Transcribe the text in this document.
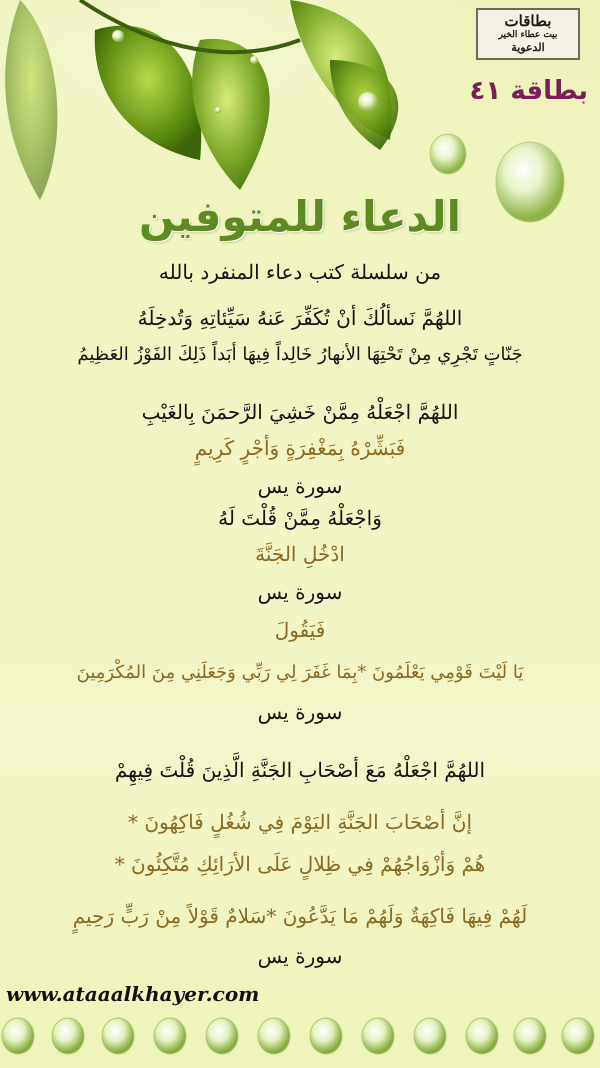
بطاقات
بيت عطاء الخير
الدعوية
بطاقة ٤١
الدعاء للمتوفين
من سلسلة كتب دعاء المنفرد بالله
اللهُمَّ نَسألُكَ أنْ تُكَفِّرَ عَنهُ سَيِّئاتِهِ وَتُدخِلَهُ
جَنّاتٍ تَجْرِي مِنْ تَحْتِهَا الأنهارُ خَالِداً فِيهَا أبَداً ذَلِكَ الفَوْزُ العَظِيمُ
اللهُمَّ اجْعَلْهُ مِمَّنْ خَشِيَ الرَّحمَنَ بِالغَيْبِ
فَبَشِّرْهُ بِمَغْفِرَةٍ وَأجْرٍ كَرِيمٍ
سورة يس
وَاجْعَلْهُ مِمَّنْ قُلْتَ لَهُ
ادْخُلِ الجَنَّةَ
سورة يس
فَيَقُولَ
يَا لَيْتَ قَوْمِي يَعْلَمُونَ *بِمَا غَفَرَ لِي رَبِّي وَجَعَلَنِي مِنَ المُكْرَمِينَ
سورة يس
اللهُمَّ اجْعَلْهُ مَعَ أصْحَابِ الجَنَّةِ الَّذِينَ قُلْتَ فِيهِمْ
إنَّ أصْحَابَ الجَنَّةِ اليَوْمَ فِي شُغُلٍ فَاكِهُونَ *
هُمْ وَأزْوَاجُهُمْ فِي ظِلالٍ عَلَى الأرَائِكِ مُتَّكِئُونَ *
لَهُمْ فِيهَا فَاكِهَةٌ وَلَهُمْ مَا يَدَّعُونَ *سَلامٌ قَوْلاً مِنْ رَبٍّ رَحِيمٍ
سورة يس
www.ataaalkhayer.com
